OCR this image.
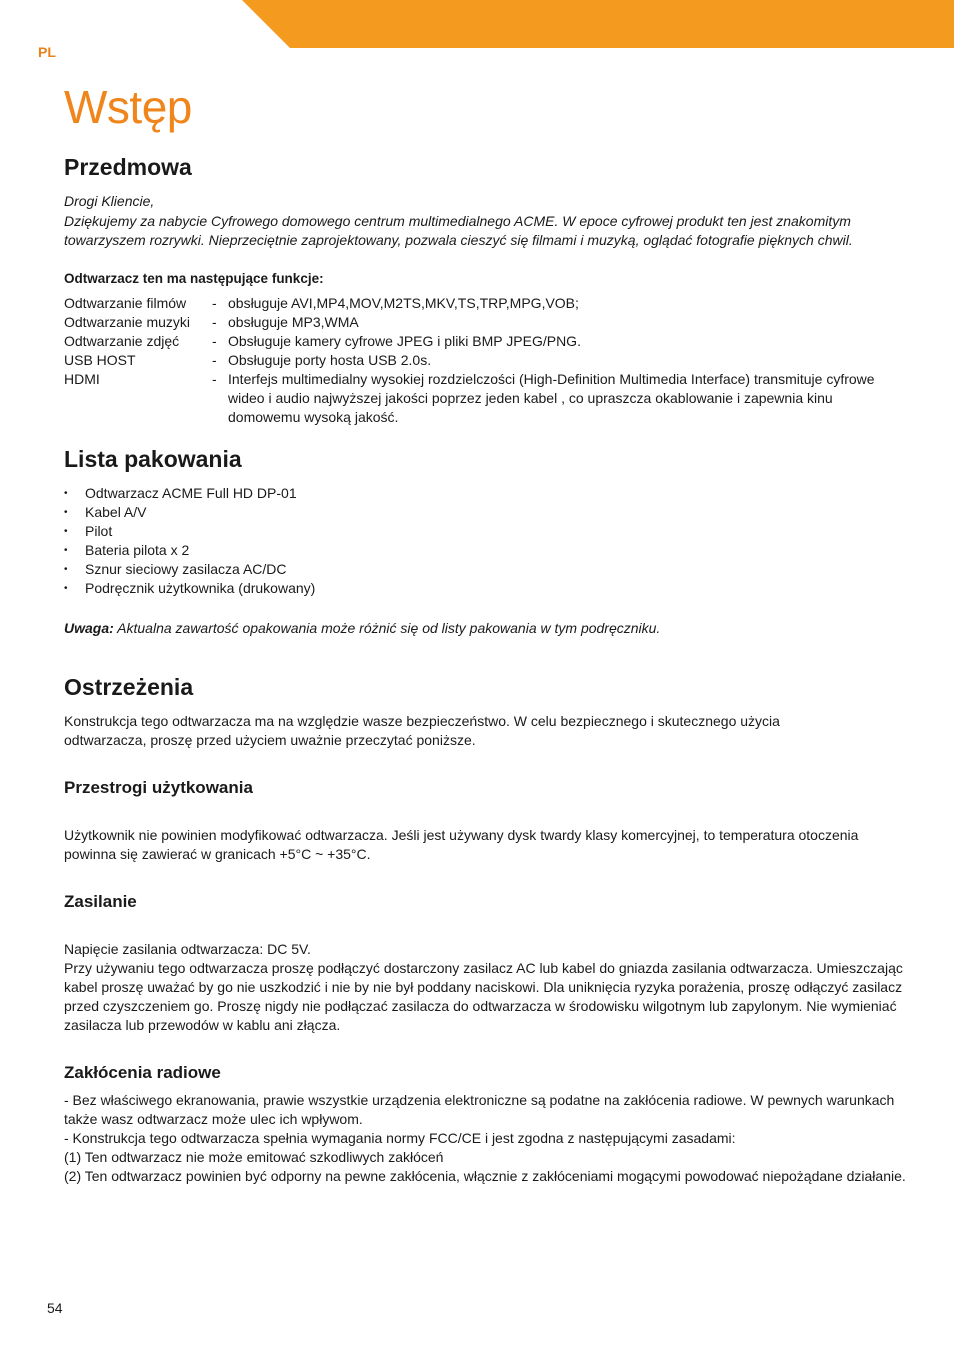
PL
Wstęp
Przedmowa

Drogi Kliencie,

Dziękujemy za nabycie Cyfrowego domowego centrum multimedialnego ACME. W epoce cyfrowej produkt ten jest znakomitym towarzyszem rozrywki. Nieprzeciętnie zaprojektowany, pozwala cieszyć się filmami i muzyką, oglądać fotografie pięknych chwil.

Odtwarzacz ten ma następujące funkcje:

Odtwarzanie filmów	-	obsługuje AVI,MP4,MOV,M2TS,MKV,TS,TRP,MPG,VOB;
Odtwarzanie muzyki	-	obsługuje MP3,WMA
Odtwarzanie zdjęć	-	Obsługuje kamery cyfrowe JPEG i pliki BMP JPEG/PNG.
USB HOST	-	Obsługuje porty hosta USB 2.0s.
HDMI	-	Interfejs multimedialny wysokiej rozdzielczości (High-Definition Multimedia Interface) transmituje cyfrowe wideo i audio najwyższej jakości poprzez jeden kabel , co upraszcza okablowanie i zapewnia kinu domowemu wysoką jakość.
Lista pakowania
• Odtwarzacz ACME Full HD DP-01
• Kabel A/V
• Pilot
• Bateria pilota x 2
• Sznur sieciowy zasilacza AC/DC
• Podręcznik użytkownika (drukowany)

Uwaga: Aktualna zawartość opakowania może różnić się od listy pakowania w tym podręczniku.

Ostrzeżenia

Konstrukcja tego odtwarzacza ma na względzie wasze bezpieczeństwo. W celu bezpiecznego i skutecznego użycia odtwarzacza, proszę przed użyciem uważnie przeczytać poniższe.

Przestrogi użytkowania

Użytkownik nie powinien modyfikować odtwarzacza. Jeśli jest używany dysk twardy klasy komercyjnej, to temperatura otoczenia powinna się zawierać w granicach +5°C ~ +35°C.

Zasilanie

Napięcie zasilania odtwarzacza: DC 5V.

Przy używaniu tego odtwarzacza proszę podłączyć dostarczony zasilacz AC lub kabel do gniazda zasilania odtwarzacza. Umieszczając kabel proszę uważać by go nie uszkodzić i nie by nie był poddany naciskowi. Dla uniknięcia ryzyka porażenia, proszę odłączyć zasilacz przed czyszczeniem go. Proszę nigdy nie podłączać zasilacza do odtwarzacza w środowisku wilgotnym lub zapylonym. Nie wymieniać zasilacza lub przewodów w kablu ani złącza.

Zakłócenia radiowe

- Bez właściwego ekranowania, prawie wszystkie urządzenia elektroniczne są podatne na zakłócenia radiowe. W pewnych warunkach także wasz odtwarzacz może ulec ich wpływom.

- Konstrukcja tego odtwarzacza spełnia wymagania normy FCC/CE i jest zgodna z następującymi zasadami:

(1) Ten odtwarzacz nie może emitować szkodliwych zakłóceń

(2) Ten odtwarzacz powinien być odporny na pewne zakłócenia, włącznie z zakłóceniami mogącymi powodować niepożądane działanie.

54
